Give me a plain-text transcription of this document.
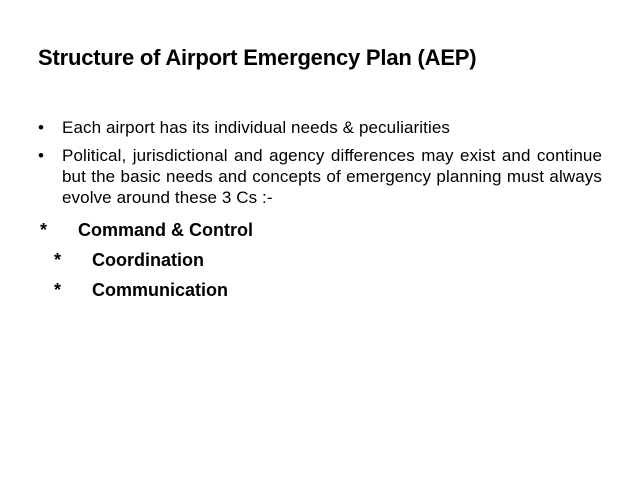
Structure of Airport Emergency Plan (AEP)
•	Each airport has its individual needs & peculiarities
•	Political, jurisdictional and agency differences may exist and continue but the basic needs and concepts of emergency planning must always evolve around these 3 Cs :-
*	Command & Control
*	Coordination
*	Communication
